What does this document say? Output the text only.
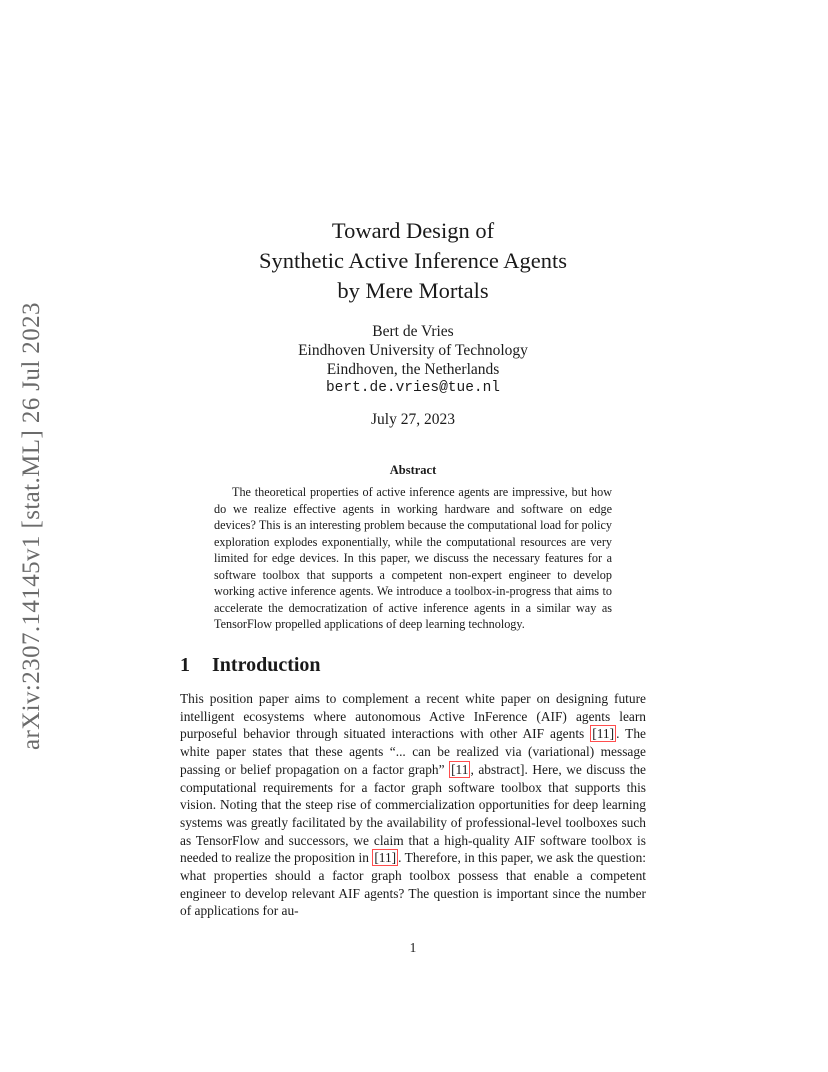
arXiv:2307.14145v1 [stat.ML] 26 Jul 2023
Toward Design of
Synthetic Active Inference Agents
by Mere Mortals
Bert de Vries
Eindhoven University of Technology
Eindhoven, the Netherlands
bert.de.vries@tue.nl
July 27, 2023
Abstract

The theoretical properties of active inference agents are impressive, but how do we realize effective agents in working hardware and software on edge devices? This is an interesting problem because the computational load for policy exploration explodes exponentially, while the computational resources are very limited for edge devices. In this paper, we discuss the necessary features for a software toolbox that supports a competent non-expert engineer to develop working active inference agents. We introduce a toolbox-in-progress that aims to accelerate the democratization of active inference agents in a similar way as TensorFlow propelled applications of deep learning technology.

1 Introduction

This position paper aims to complement a recent white paper on designing future intelligent ecosystems where autonomous Active InFerence (AIF) agents learn purposeful behavior through situated interactions with other AIF agents [11] . The white paper states that these agents “... can be realized via (variational) message passing or belief propagation on a factor graph” [11 , abstract]. Here, we discuss the computational requirements for a factor graph software toolbox that supports this vision. Noting that the steep rise of commercialization opportunities for deep learning systems was greatly facilitated by the availability of professional-level toolboxes such as TensorFlow and successors, we claim that a high-quality AIF software toolbox is needed to realize the proposition in [11] . Therefore, in this paper, we ask the question: what properties should a factor graph toolbox possess that enable a competent engineer to develop relevant AIF agents? The question is important since the number of applications for au-

1
